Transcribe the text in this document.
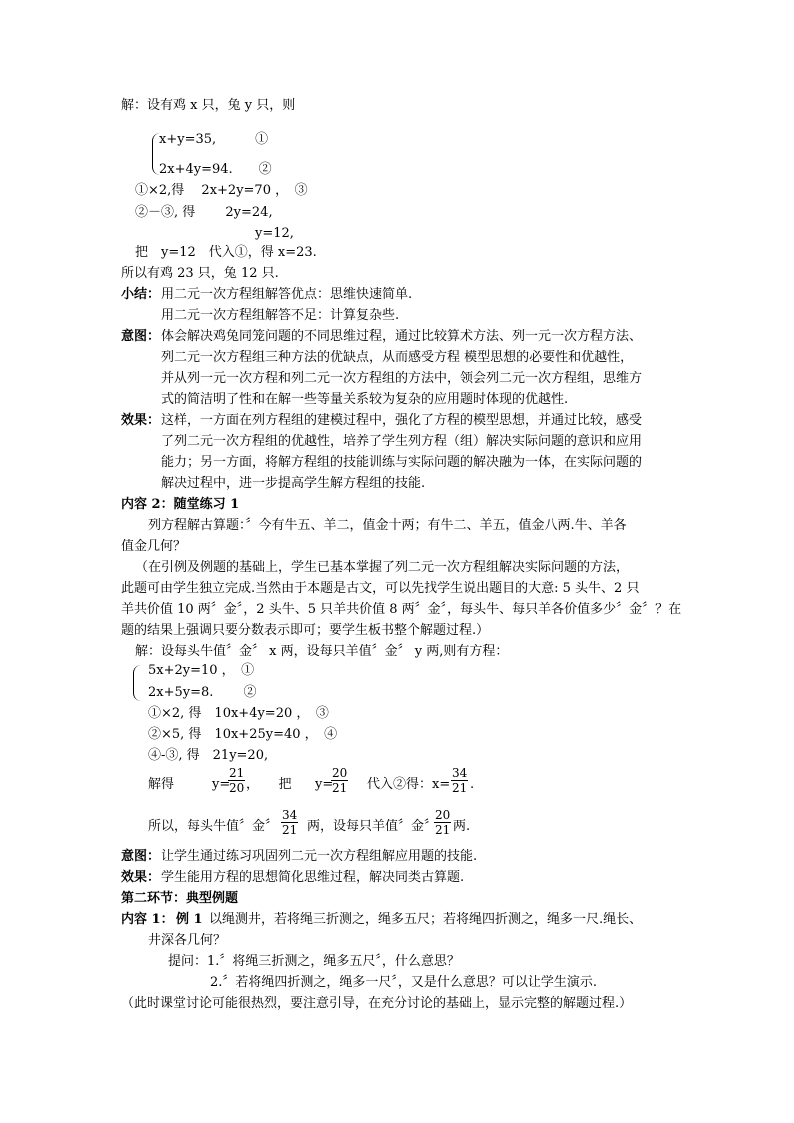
解：设有鸡 x 只，兔 y 只，则
x+y=35,　　　①
2x+4y=94.　　②
①×2,得　 2x+2y=70 ，　③
②－③, 得　　 2y=24,
y=12,
把　y=12　代入①，得 x=23.
所以有鸡 23 只，兔 12 只.
小结： 用二元一次方程组解答优点：思维快速简单.
用二元一次方程组解答不足：计算复杂些.
意图： 体会解决鸡兔同笼问题的不同思维过程，通过比较算术方法、列一元一次方程方法、
列二元一次方程组三种方法的优缺点，从而感受方程 模型思想的必要性和优越性，
并从列一元一次方程和列二元一次方程组的方法中，领会列二元一次方程组，思维方
式的简洁明了性和在解一些等量关系较为复杂的应用题时体现的优越性.
效果： 这样，一方面在列方程组的建模过程中，强化了方程的模型思想，并通过比较，感受
了列二元一次方程组的优越性，培养了学生列方程（组）解决实际问题的意识和应用
能力；另一方面，将解方程组的技能训练与实际问题的解决融为一体，在实际问题的
解决过程中，进一步提高学生解方程组的技能.
内容 2：随堂练习 1
列方程解古算题：〞今有牛五、羊二，值金十两；有牛二、羊五，值金八两.牛、羊各
值金几何？
（在引例及例题的基础上，学生已基本掌握了列二元一次方程组解决实际问题的方法，
此题可由学生独立完成.当然由于本题是古文，可以先找学生说出题目的大意: 5 头牛、2 只
羊共价值 10 两〞金〞，2 头牛、5 只羊共价值 8 两〞金〞，每头牛、每只羊各价值多少〞金〞？在
题的结果上强调只要分数表示即可；要学生板书整个解题过程.）
解：设每头牛值〞金〞 x 两，设每只羊值〞金〞 y 两,则有方程：
5x+2y=10 ，　①
2x+5y=8.　　 ②
①×2, 得　10x+4y=20 ，　③
②×5, 得　10x+25y=40 ，　④
④-③, 得　21y=20,
解得	y=
$\frac{21}{20}$ ，　　把 y=
$\frac{20}{21}$ 代入②得：$x= \frac{34}{21}$ .
所以，每头牛值〞金〞 $\frac{34}{21}$ 两，设每只羊值〞金〞
$\frac{20}{21}$ 两.
意图： 让学生通过练习巩固列二元一次方程组解应用题的技能.
效果： 学生能用方程的思想简化思维过程，解决同类古算题.
第二环节：典型例题
内容 1： 例 1
　以绳测井，若将绳三折测之，绳多五尺；若将绳四折测之，绳多一尺.绳长、
井深各几何？
提问：1.〞将绳三折测之，绳多五尺〞，什么意思？
2.〞若将绳四折测之，绳多一尺〞，又是什么意思？可以让学生演示.
（此时课堂讨论可能很热烈，要注意引导，在充分讨论的基础上，显示完整的解题过程.）
